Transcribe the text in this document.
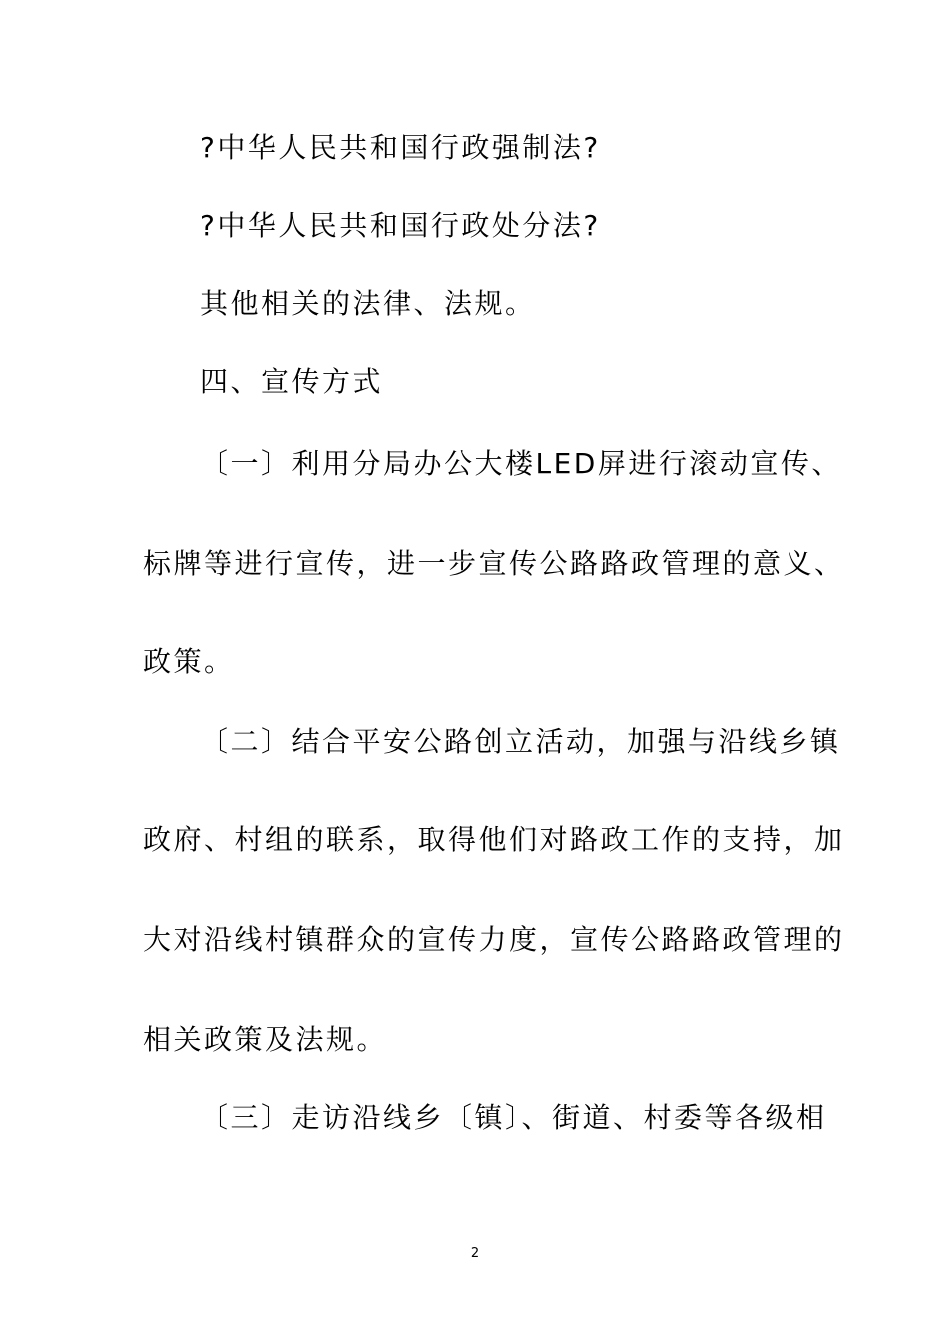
?中华人民共和国行政强制法?
?中华人民共和国行政处分法?
其他相关的法律、法规。
四、宣传方式
〔一〕利用分局办公大楼LED屏进行滚动宣传、
标牌等进行宣传，进一步宣传公路路政管理的意义、
政策。
〔二〕结合平安公路创立活动，加强与沿线乡镇
政府、村组的联系，取得他们对路政工作的支持，加
大对沿线村镇群众的宣传力度，宣传公路路政管理的
相关政策及法规。
〔三〕走访沿线乡〔镇〕、街道、村委等各级相
2
